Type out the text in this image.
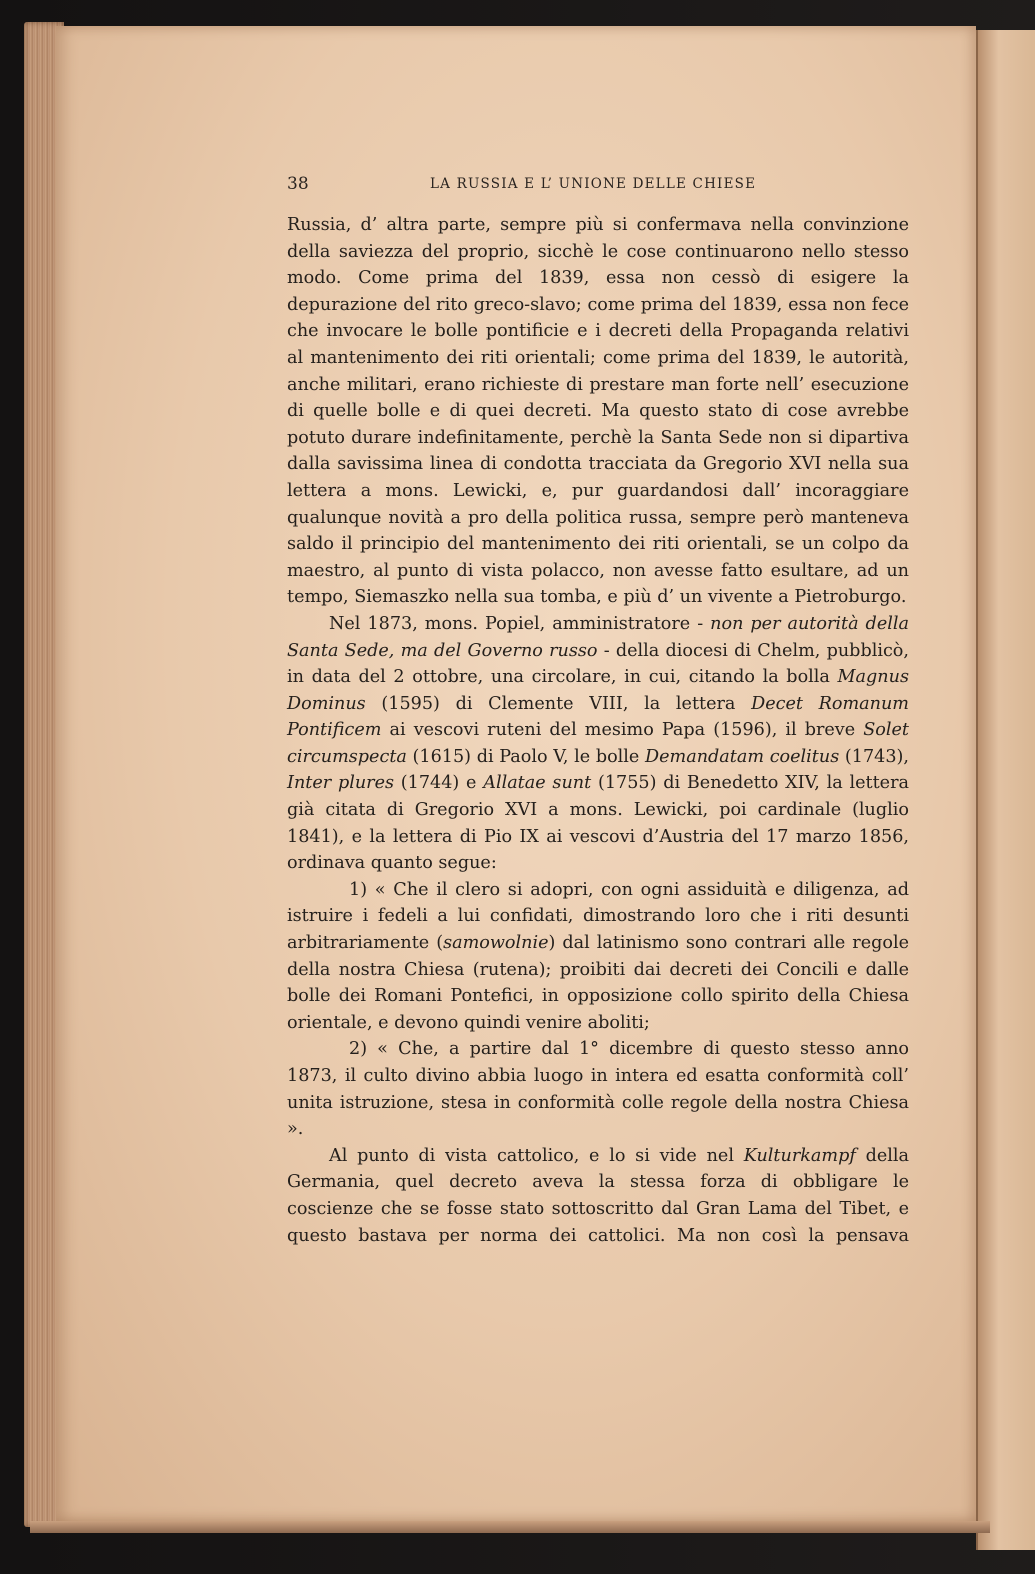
38	LA RUSSIA E L’ UNIONE DELLE CHIESE

Russia, d’ altra parte, sempre più si confermava nella convinzione della saviezza del proprio, sicchè le cose continuarono nello stesso modo. Come prima del 1839, essa non cessò di esigere la depurazione del rito greco-slavo; come prima del 1839, essa non fece che invocare le bolle pontificie e i decreti della Propaganda relativi al mantenimento dei riti orientali; come prima del 1839, le autorità, anche militari, erano richieste di prestare man forte nell’ esecuzione di quelle bolle e di quei decreti. Ma questo stato di cose avrebbe potuto durare indefinitamente, perchè la Santa Sede non si dipartiva dalla savissima linea di condotta tracciata da Gregorio XVI nella sua lettera a mons. Lewicki, e, pur guardandosi dall’ incoraggiare qualunque novità a pro della politica russa, sempre però manteneva saldo il principio del mantenimento dei riti orientali, se un colpo da maestro, al punto di vista polacco, non avesse fatto esultare, ad un tempo, Siemaszko nella sua tomba, e più d’ un vivente a Pietroburgo.

Nel 1873, mons. Popiel, amministratore - non per autorità della Santa Sede, ma del Governo russo - della diocesi di Chelm, pubblicò, in data del 2 ottobre, una circolare, in cui, citando la bolla Magnus Dominus (1595) di Clemente VIII, la lettera Decet Romanum Pontificem ai vescovi ruteni del mesimo Papa (1596), il breve Solet circumspecta (1615) di Paolo V, le bolle Demandatam coelitus (1743), Inter plures (1744) e Allatae sunt (1755) di Benedetto XIV, la lettera già citata di Gregorio XVI a mons. Lewicki, poi cardinale (luglio 1841), e la lettera di Pio IX ai vescovi d’Austria del 17 marzo 1856, ordinava quanto segue:

1) « Che il clero si adopri, con ogni assiduità e diligenza, ad istruire i fedeli a lui confidati, dimostrando loro che i riti desunti arbitrariamente (samowolnie) dal latinismo sono contrari alle regole della nostra Chiesa (rutena); proibiti dai decreti dei Concili e dalle bolle dei Romani Pontefici, in opposizione collo spirito della Chiesa orientale, e devono quindi venire aboliti;

2) « Che, a partire dal 1° dicembre di questo stesso anno 1873, il culto divino abbia luogo in intera ed esatta conformità coll’ unita istruzione, stesa in conformità colle regole della nostra Chiesa ».

Al punto di vista cattolico, e lo si vide nel Kulturkampf della Germania, quel decreto aveva la stessa forza di obbligare le coscienze che se fosse stato sottoscritto dal Gran Lama del Tibet, e questo bastava per norma dei cattolici. Ma non così la pensava
